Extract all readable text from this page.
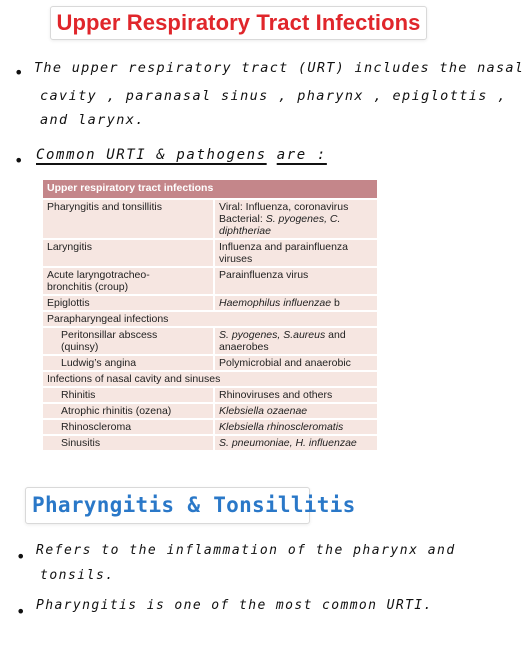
Upper Respiratory Tract Infections
• The upper respiratory tract (URT) includes the nasal
cavity , paranasal sinus , pharynx , epiglottis ,
and larynx.
• Common URTI & pathogens are :
Upper respiratory tract infections	
Pharyngitis and tonsillitis	Viral: Influenza, coronavirus
Bacterial: S. pyogenes, C. diphtheriae

Laryngitis	Influenza and parainfluenza viruses

Acute laryngotracheo-
bronchitis (croup)	Parainfluenza virus
Epiglottis	Haemophilus influenzae b
Parapharyngeal infections	

Peritonsillar abscess
(quinsy)	S. pyogenes, S.aureus and anaerobes
Ludwig’s angina	Polymicrobial and anaerobic
Infections of nasal cavity and sinuses	
Rhinitis	Rhinoviruses and others
Atrophic rhinitis (ozena)	Klebsiella ozaenae
Rhinoscleroma	Klebsiella rhinoscleromatis
Sinusitis	S. pneumoniae, H. influenzae
Pharyngitis & Tonsillitis
• Refers to the inflammation of the pharynx and
tonsils.
• Pharyngitis is one of the most common URTI.
